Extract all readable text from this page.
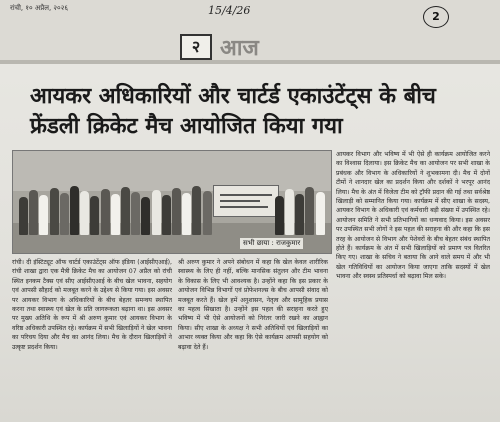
रांची, १० अप्रैल, २०२६	15/4/26	2
२ आज
आयकर अधिकारियों और चार्टर्ड एकाउंटेंट्स के बीच फ्रेंडली क्रिकेट मैच आयोजित किया गया
सभी छाया : राजकुमार
रांची। दी इंस्टिट्यूट ऑफ चार्टर्ड एकाउंटेंट्स ऑफ इंडिया (आईसीएआई), रांची शाखा द्वारा एक मैत्री क्रिकेट मैच का आयोजन 07 अप्रैल को रांची स्थित इनकम टैक्स एवं सीए आईसीएआई के बीच खेल भावना, सहयोग एवं आपसी सौहार्द को मजबूत करने के उद्देश्य से किया गया। इस अवसर पर आयकर विभाग के अधिकारियों के बीच बेहतर समन्वय स्थापित करना तथा स्वास्थ्य एवं खेल के प्रति जागरूकता बढ़ाना था। इस अवसर पर मुख्य अतिथि के रूप में श्री अरुण कुमार एवं आयकर विभाग के वरिष्ठ अधिकारी उपस्थित रहे। कार्यक्रम में सभी खिलाड़ियों ने खेल भावना का परिचय दिया और मैच का आनंद लिया। मैच के दौरान खिलाड़ियों ने उत्कृष्ट प्रदर्शन किया।
श्री अरुण कुमार ने अपने संबोधन में कहा कि खेल केवल शारीरिक स्वास्थ्य के लिए ही नहीं, बल्कि मानसिक संतुलन और टीम भावना के विकास के लिए भी आवश्यक है। उन्होंने कहा कि इस प्रकार के आयोजन विभिन्न विभागों एवं प्रोफेशनल्स के बीच आपसी संवाद को मजबूत करते हैं। खेल हमें अनुशासन, नेतृत्व और सामूहिक प्रयास का महत्व सिखाता है। उन्होंने इस पहल की सराहना करते हुए भविष्य में भी ऐसे आयोजनों को निरंतर जारी रखने का आह्वान किया। सीए शाखा के अध्यक्ष ने सभी अतिथियों एवं खिलाड़ियों का आभार व्यक्त किया और कहा कि ऐसे कार्यक्रम आपसी सहयोग को बढ़ावा देते हैं।
आयकर विभाग और भविष्य में भी ऐसे ही कार्यक्रम आयोजित करने का विश्वास दिलाया। इस क्रिकेट मैच का आयोजन पर सभी शाखा के प्रबंधक और विभाग के अधिकारियों ने शुभकामना दी। मैच में दोनों टीमों ने शानदार खेल का प्रदर्शन किया और दर्शकों ने भरपूर आनंद लिया। मैच के अंत में विजेता टीम को ट्रॉफी प्रदान की गई तथा सर्वश्रेष्ठ खिलाड़ी को सम्मानित किया गया। कार्यक्रम में सीए शाखा के सदस्य, आयकर विभाग के अधिकारी एवं कर्मचारी बड़ी संख्या में उपस्थित रहे। आयोजन समिति ने सभी प्रतिभागियों का धन्यवाद किया। इस अवसर पर उपस्थित सभी लोगों ने इस पहल की सराहना की और कहा कि इस तरह के आयोजन से विभाग और पेशेवरों के बीच बेहतर संबंध स्थापित होते हैं। कार्यक्रम के अंत में सभी खिलाड़ियों को प्रमाण पत्र वितरित किए गए। शाखा के सचिव ने बताया कि आने वाले समय में और भी खेल गतिविधियों का आयोजन किया जाएगा ताकि सदस्यों में खेल भावना और स्वस्थ प्रतिस्पर्धा को बढ़ावा मिल सके।
